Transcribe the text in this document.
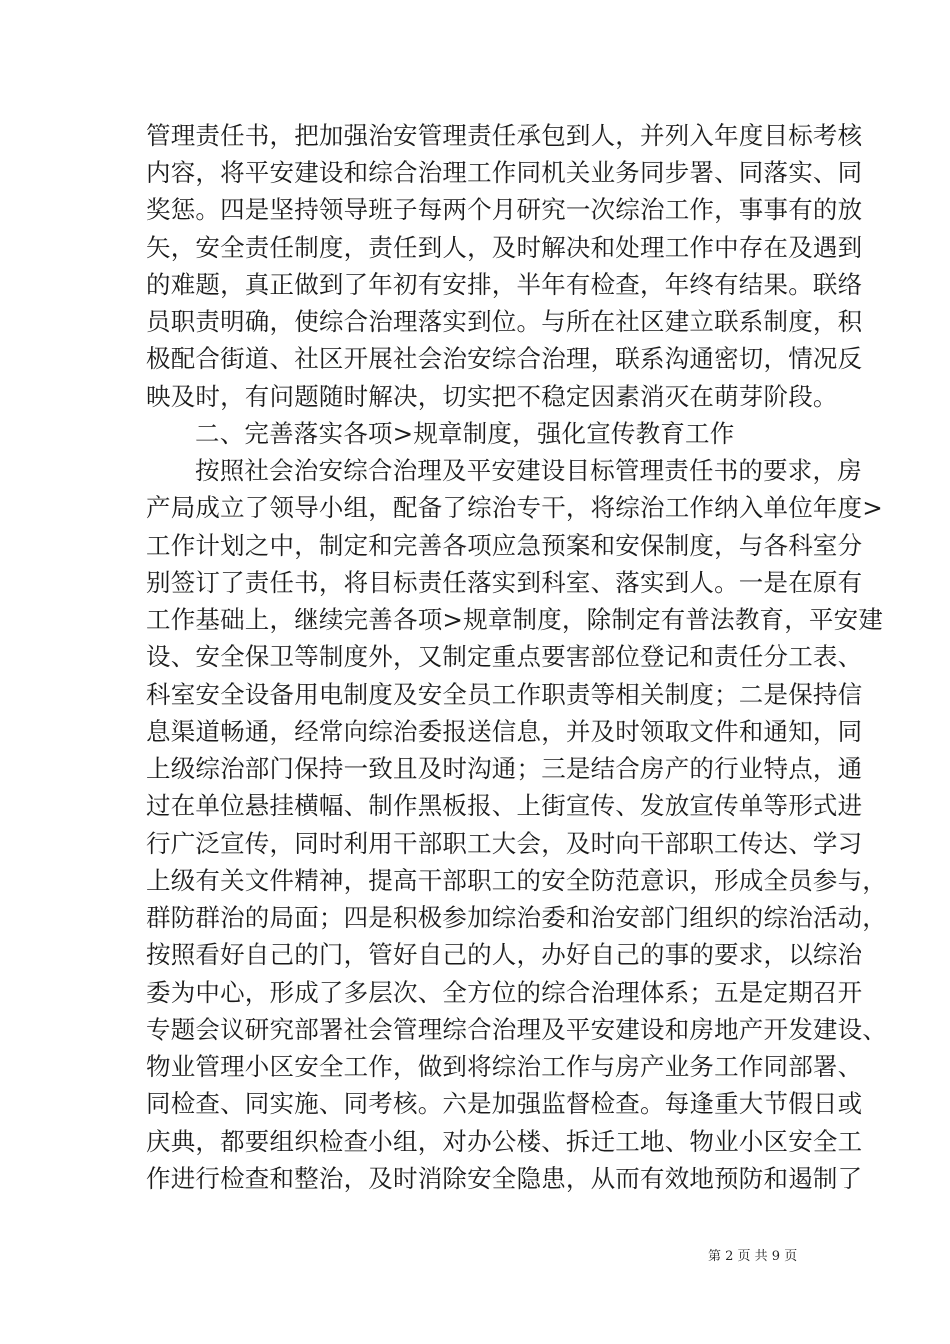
管理责任书，把加强治安管理责任承包到人，并列入年度目标考核
内容，将平安建设和综合治理工作同机关业务同步署、同落实、同
奖惩。四是坚持领导班子每两个月研究一次综治工作，事事有的放
矢，安全责任制度，责任到人，及时解决和处理工作中存在及遇到
的难题，真正做到了年初有安排，半年有检查，年终有结果。联络
员职责明确，使综合治理落实到位。与所在社区建立联系制度，积
极配合街道、社区开展社会治安综合治理，联系沟通密切，情况反
映及时，有问题随时解决，切实把不稳定因素消灭在萌芽阶段。
二、完善落实各项>规章制度，强化宣传教育工作
按照社会治安综合治理及平安建设目标管理责任书的要求，房
产局成立了领导小组，配备了综治专干，将综治工作纳入单位年度>
工作计划之中，制定和完善各项应急预案和安保制度，与各科室分
别签订了责任书，将目标责任落实到科室、落实到人。一是在原有
工作基础上，继续完善各项>规章制度，除制定有普法教育，平安建
设、安全保卫等制度外，又制定重点要害部位登记和责任分工表、
科室安全设备用电制度及安全员工作职责等相关制度；二是保持信
息渠道畅通，经常向综治委报送信息，并及时领取文件和通知，同
上级综治部门保持一致且及时沟通；三是结合房产的行业特点，通
过在单位悬挂横幅、制作黑板报、上街宣传、发放宣传单等形式进
行广泛宣传，同时利用干部职工大会，及时向干部职工传达、学习
上级有关文件精神，提高干部职工的安全防范意识，形成全员参与，
群防群治的局面；四是积极参加综治委和治安部门组织的综治活动，
按照看好自己的门，管好自己的人，办好自己的事的要求，以综治
委为中心，形成了多层次、全方位的综合治理体系；五是定期召开
专题会议研究部署社会管理综合治理及平安建设和房地产开发建设、
物业管理小区安全工作，做到将综治工作与房产业务工作同部署、
同检查、同实施、同考核。六是加强监督检查。每逢重大节假日或
庆典，都要组织检查小组，对办公楼、拆迁工地、物业小区安全工
作进行检查和整治，及时消除安全隐患，从而有效地预防和遏制了
第 2 页 共 9 页
